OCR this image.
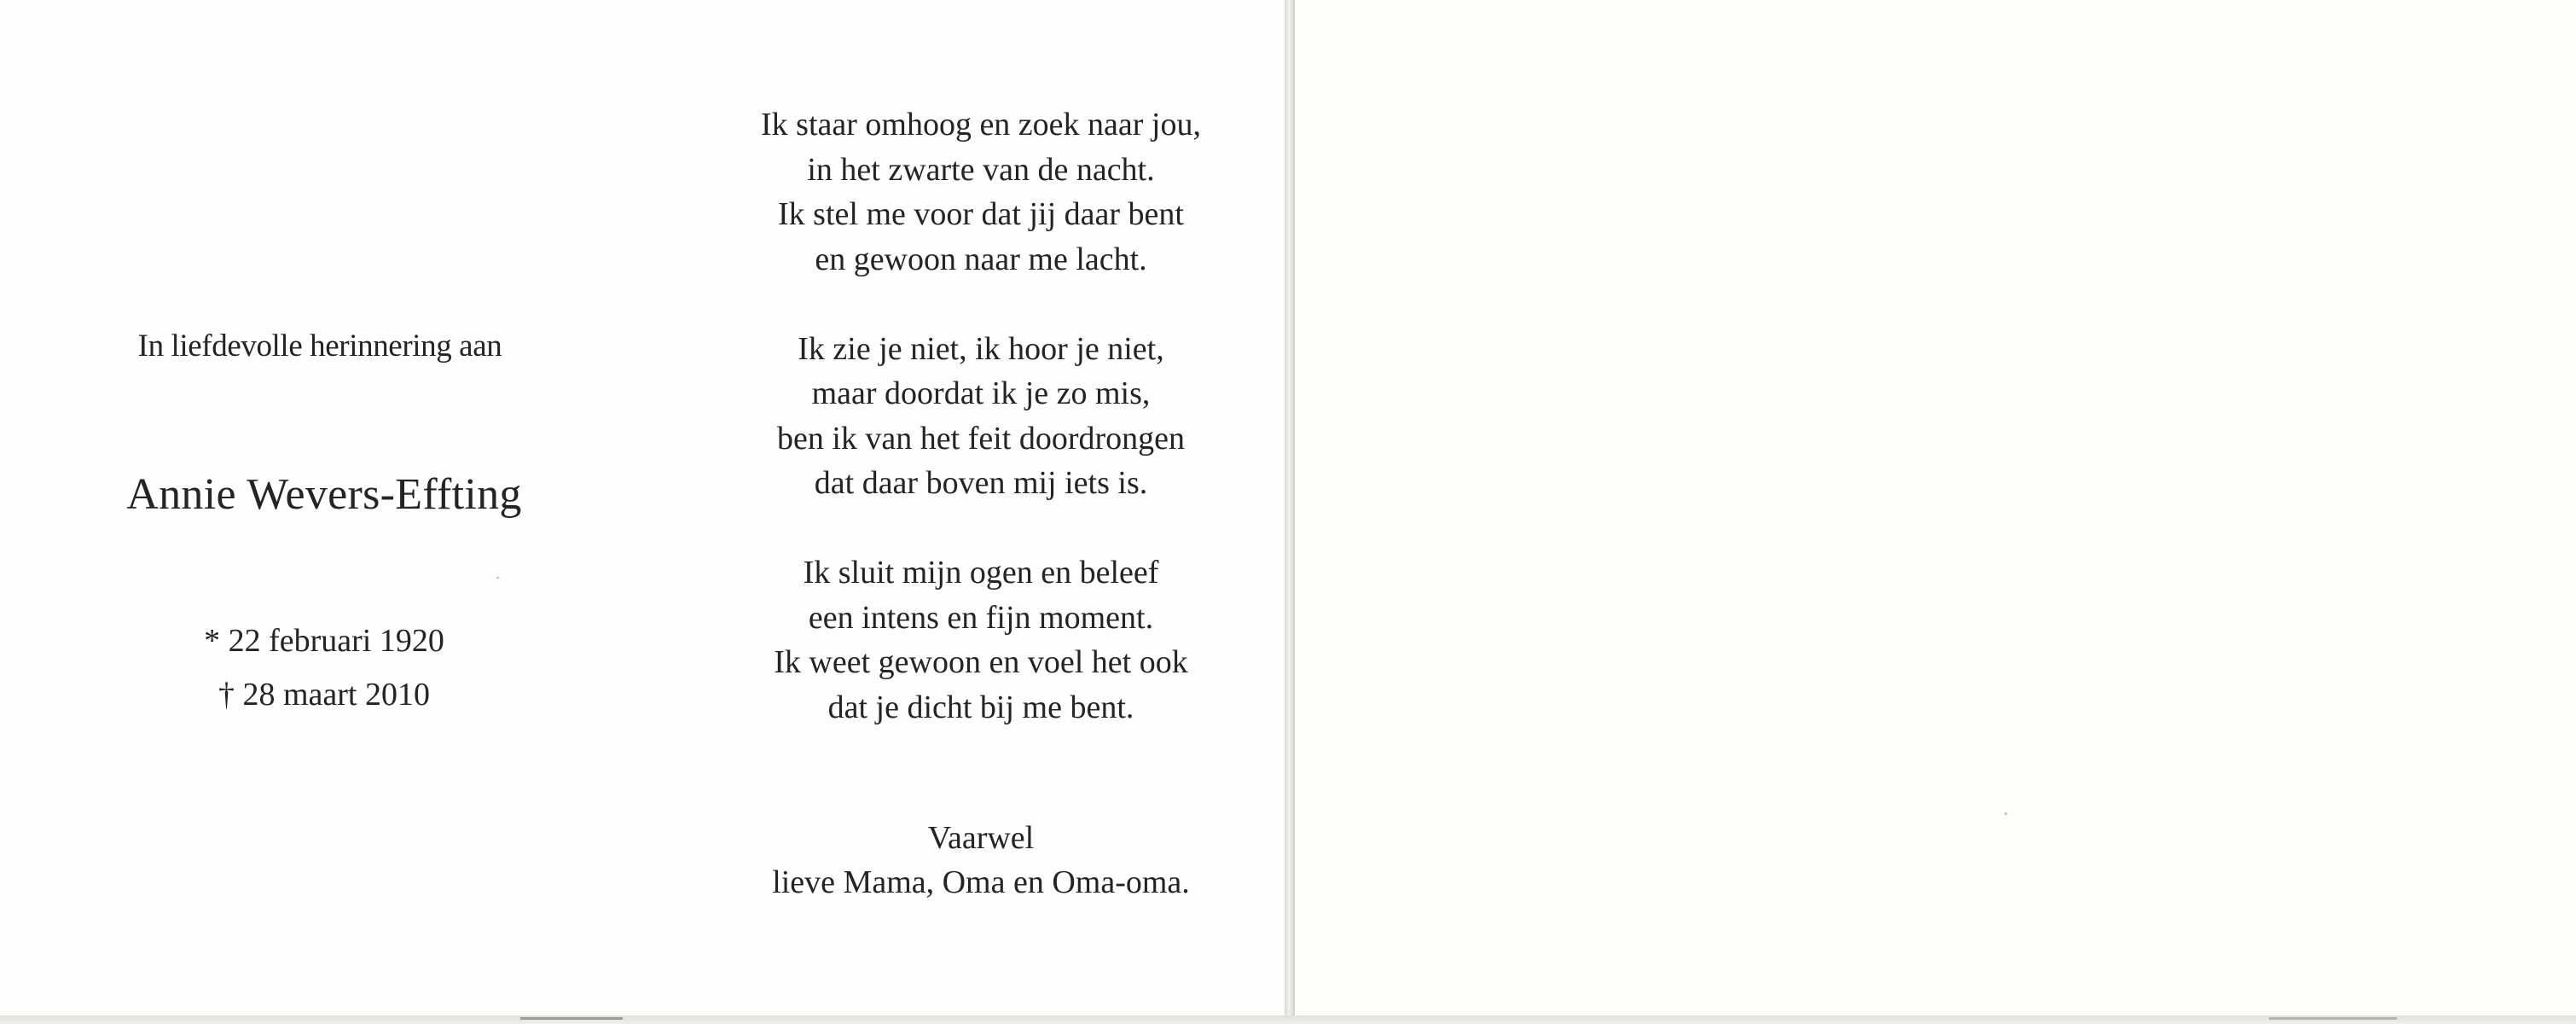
In liefdevolle herinnering aan
Annie Wevers-Effting
* 22 februari 1920
† 28 maart 2010
Ik staar omhoog en zoek naar jou,
in het zwarte van de nacht.
Ik stel me voor dat jij daar bent
en gewoon naar me lacht.
Ik zie je niet, ik hoor je niet,
maar doordat ik je zo mis,
ben ik van het feit doordrongen
dat daar boven mij iets is.
Ik sluit mijn ogen en beleef
een intens en fijn moment.
Ik weet gewoon en voel het ook
dat je dicht bij me bent.
Vaarwel
lieve Mama, Oma en Oma-oma.
